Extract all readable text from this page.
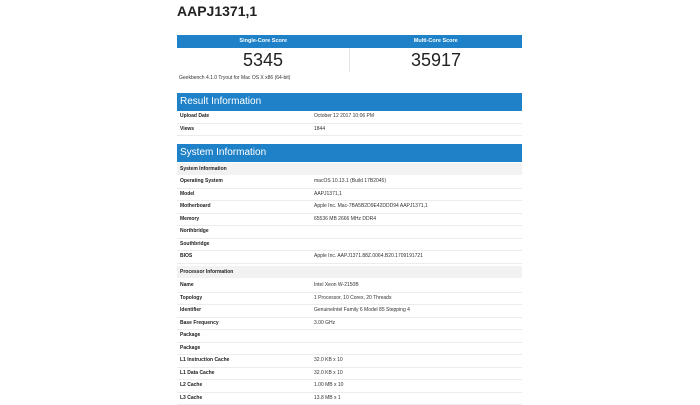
AAPJ1371,1
Single-Core Score	Multi-Core Score
5345	35917
Geekbench 4.1.0 Tryout for Mac OS X x86 (64-bit)
Result Information
Upload Date	October 12 2017 10:06 PM
Views	1844
System Information
System Information
Operating System	macOS 10.13.1 (Build 17B2045)
Model	AAPJ1371,1
Motherboard	Apple Inc. Mac-7BA5B2D9E42DDD94 AAPJ1371,1
Memory	65536 MB 2666 MHz DDR4
Northbridge
Southbridge
BIOS	Apple Inc. AAPJ1371.88Z.0064.B20.1709191721
Processor Information
Name	Intel Xeon W-2150B
Topology	1 Processor, 10 Cores, 20 Threads
Identifier	GenuineIntel Family 6 Model 85 Stepping 4
Base Frequency	3.00 GHz
Package
Package
L1 Instruction Cache	32.0 KB x 10
L1 Data Cache	32.0 KB x 10
L2 Cache	1.00 MB x 10
L3 Cache	13.8 MB x 1
